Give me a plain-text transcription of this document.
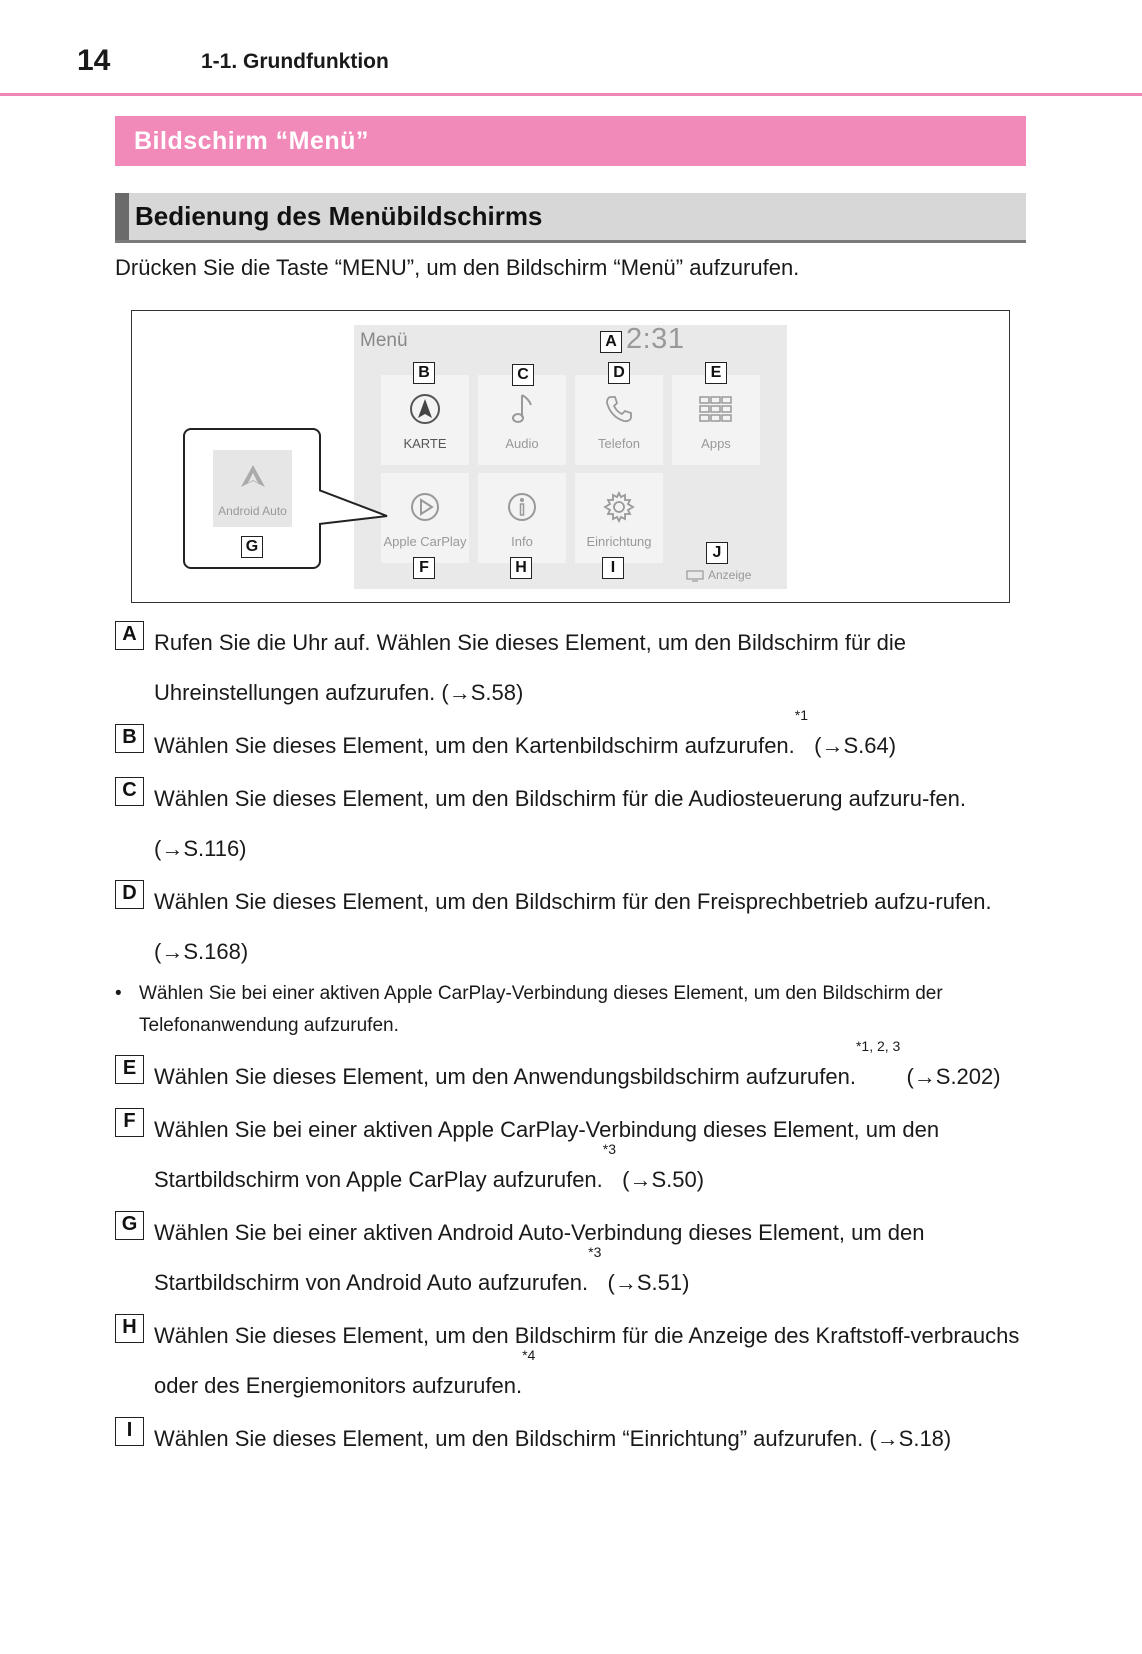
14	1-1. Grundfunktion
Bildschirm “Menü”
Bedienung des Menübildschirms
Drücken Sie die Taste “MENU”, um den Bildschirm “Menü” aufzurufen.
Menü	A 2:31
KARTE	Audio	Telefon	Apps
Apple CarPlay	Info	Einrichtung
B	C	D	E
F	H	I
J
Anzeige
Android Auto
G
A Rufen Sie die Uhr auf. Wählen Sie dieses Element, um den Bildschirm für die Uhreinstellungen aufzurufen. (→S.58)
B Wählen Sie dieses Element, um den Kartenbildschirm aufzurufen.$^{*1}$ (→S.64)
C Wählen Sie dieses Element, um den Bildschirm für die Audiosteuerung aufzuru-fen. (→S.116)
D Wählen Sie dieses Element, um den Bildschirm für den Freisprechbetrieb aufzu-rufen. (→S.168)
• Wählen Sie bei einer aktiven Apple CarPlay-Verbindung dieses Element, um den Bildschirm der Telefonanwendung aufzurufen.
E Wählen Sie dieses Element, um den Anwendungsbildschirm aufzurufen.$^{*1, 2, 3}$ (→S.202)
F Wählen Sie bei einer aktiven Apple CarPlay-Verbindung dieses Element, um den Startbildschirm von Apple CarPlay aufzurufen.$^{*3}$ (→S.50)
G Wählen Sie bei einer aktiven Android Auto-Verbindung dieses Element, um den Startbildschirm von Android Auto aufzurufen.$^{*3}$ (→S.51)
H Wählen Sie dieses Element, um den Bildschirm für die Anzeige des Kraftstoff-verbrauchs oder des Energiemonitors aufzurufen.$^{*4}$
I Wählen Sie dieses Element, um den Bildschirm “Einrichtung” aufzurufen. (→S.18)
